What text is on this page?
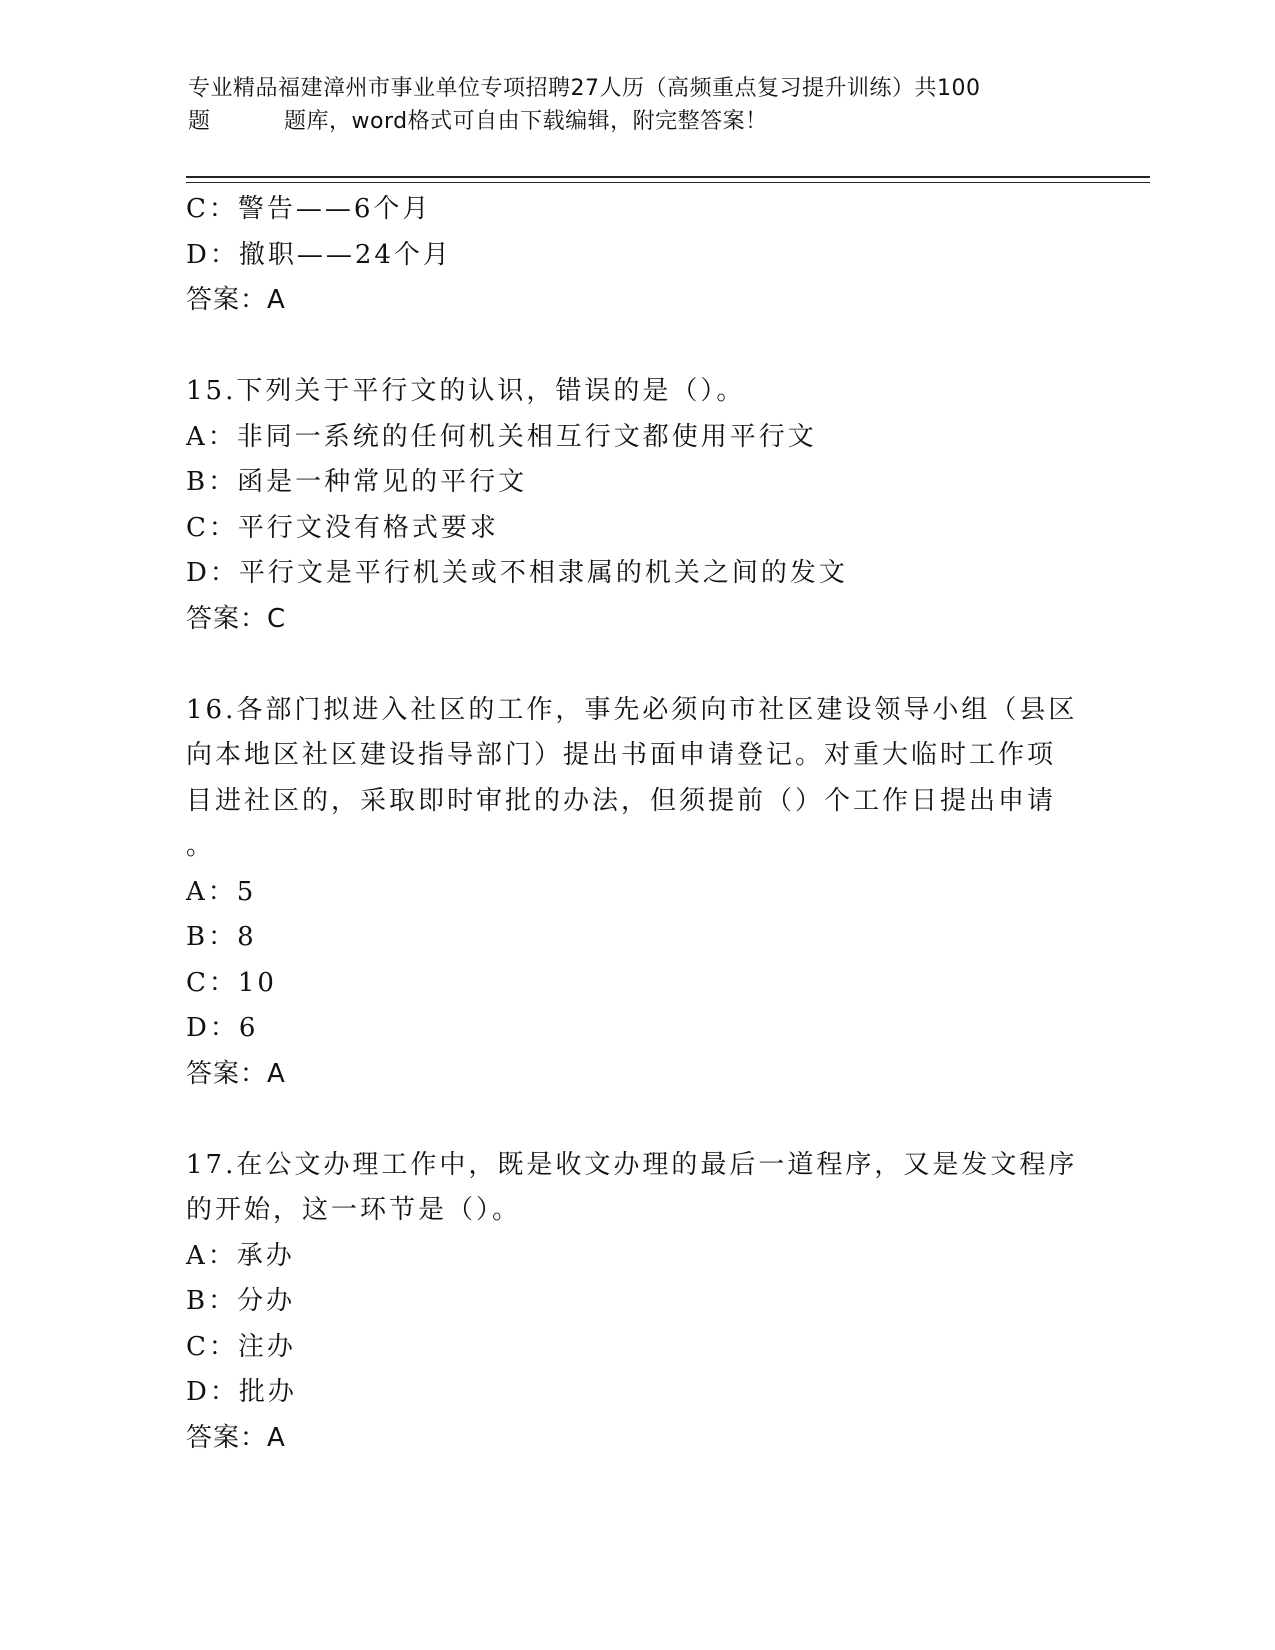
专业精品福建漳州市事业单位专项招聘27人历（高频重点复习提升训练）共100
题	题库，word格式可自由下载编辑，附完整答案！
C：警告——6个月
D：撤职——24个月
答案：A
15.下列关于平行文的认识，错误的是（）。
A：非同一系统的任何机关相互行文都使用平行文
B：函是一种常见的平行文
C：平行文没有格式要求
D：平行文是平行机关或不相隶属的机关之间的发文
答案：C
16.各部门拟进入社区的工作，事先必须向市社区建设领导小组（县区
向本地区社区建设指导部门）提出书面申请登记。对重大临时工作项
目进社区的，采取即时审批的办法，但须提前（）个工作日提出申请
。
A：5
B：8
C：10
D：6
答案：A
17.在公文办理工作中，既是收文办理的最后一道程序，又是发文程序
的开始，这一环节是（）。
A：承办
B：分办
C：注办
D：批办
答案：A
